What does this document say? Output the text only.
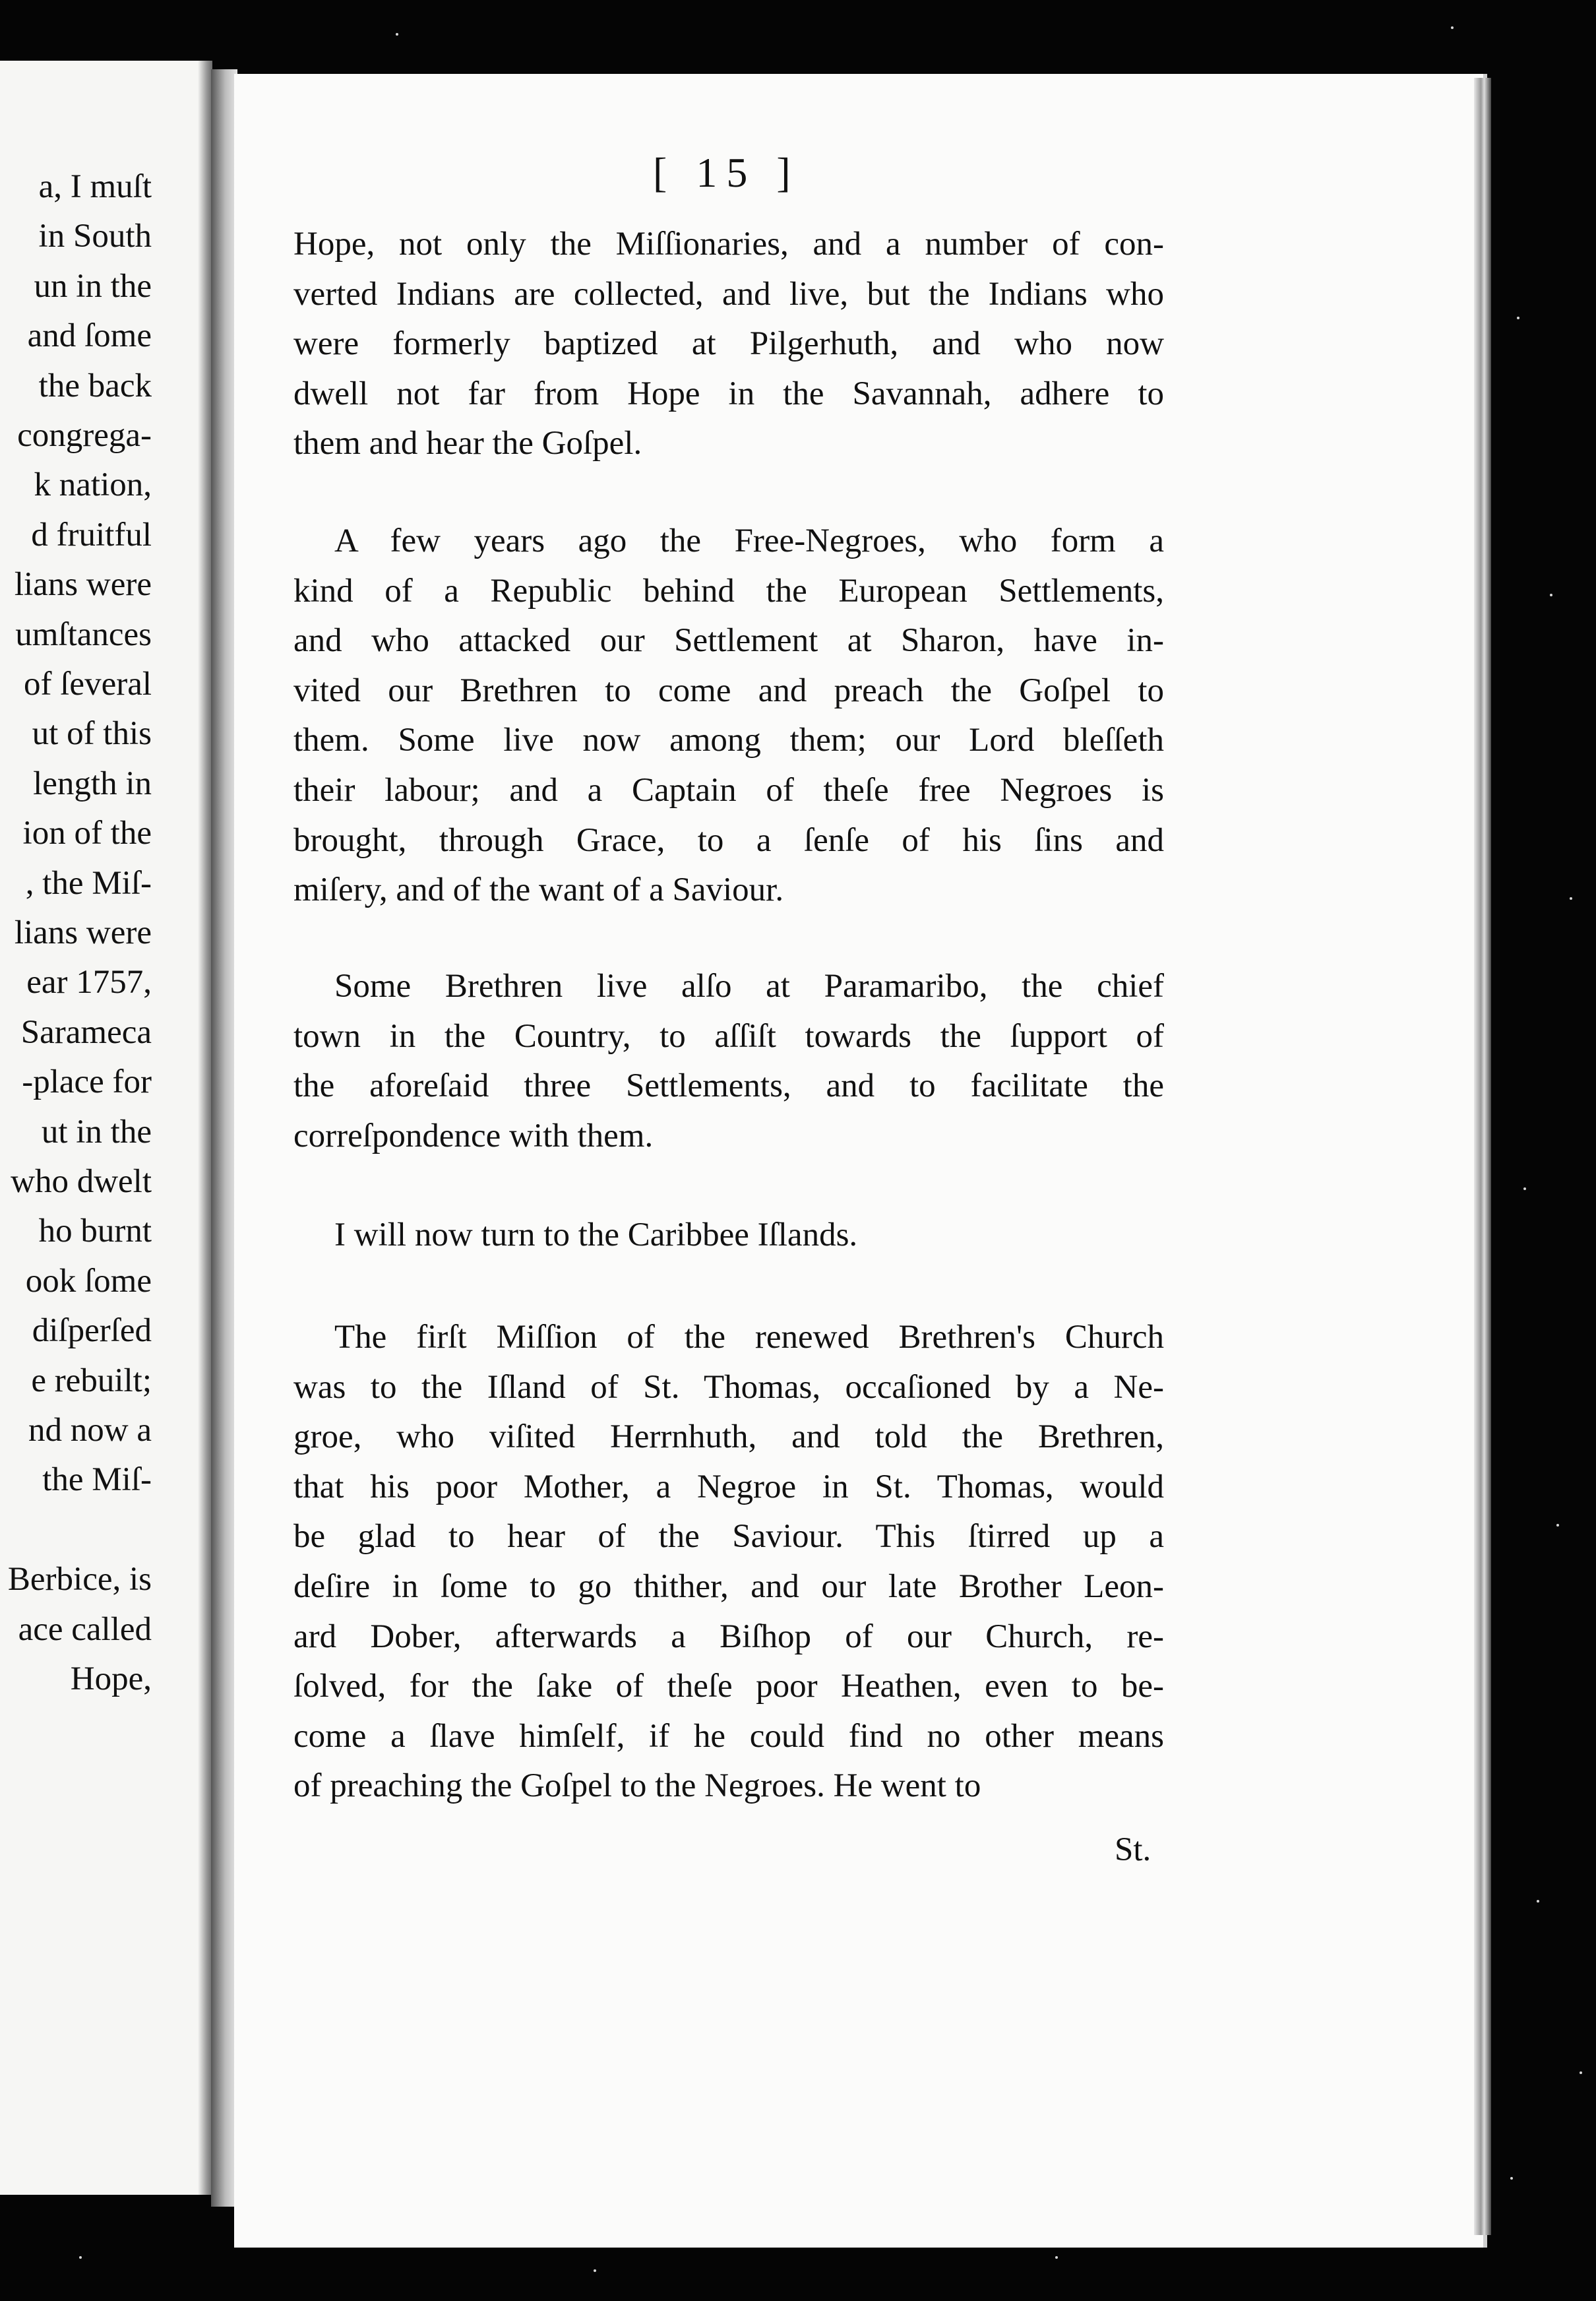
a, I muſt
in South
un in the
and ſome
the back
congrega-
k nation,
d fruitful
lians were
umſtances
of ſeveral
ut of this
length in
ion of the
, the Miſ-
lians were
ear 1757,
Sarameca
-place for
ut in the
who dwelt
ho burnt
ook ſome
diſperſed
e rebuilt;
nd now a
the Miſ-
Berbice, is
ace called
Hope,
[ 15 ]
Hope, not only the Miſſionaries, and a number of con-
verted Indians are collected, and live, but the Indians who
were formerly baptized at Pilgerhuth, and who now
dwell not far from Hope in the Savannah, adhere to
them and hear the Goſpel.
A few years ago the Free-Negroes, who form a
kind of a Republic behind the European Settlements,
and who attacked our Settlement at Sharon, have in-
vited our Brethren to come and preach the Goſpel to
them. Some live now among them; our Lord bleſſeth
their labour; and a Captain of theſe free Negroes is
brought, through Grace, to a ſenſe of his ſins and
miſery, and of the want of a Saviour.
Some Brethren live alſo at Paramaribo, the chief
town in the Country, to aſſiſt towards the ſupport of
the aforeſaid three Settlements, and to facilitate the
correſpondence with them.
I will now turn to the Caribbee Iſlands.
The firſt Miſſion of the renewed Brethren's Church
was to the Iſland of St. Thomas, occaſioned by a Ne-
groe, who viſited Herrnhuth, and told the Brethren,
that his poor Mother, a Negroe in St. Thomas, would
be glad to hear of the Saviour. This ſtirred up a
deſire in ſome to go thither, and our late Brother Leon-
ard Dober, afterwards a Biſhop of our Church, re-
ſolved, for the ſake of theſe poor Heathen, even to be-
come a ſlave himſelf, if he could find no other means
of preaching the Goſpel to the Negroes. He went to
St.
